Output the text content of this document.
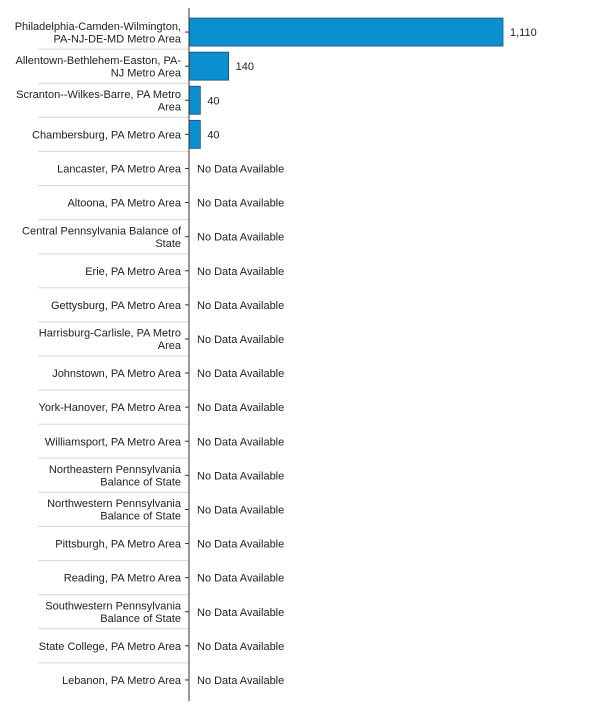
Philadelphia-Camden-Wilmington, PA-NJ-DE-MD Metro Area
1,110
Allentown-Bethlehem-Easton, PA-NJ Metro Area
140
Scranton--Wilkes-Barre, PA Metro Area
40
Chambersburg, PA Metro Area 40
Lancaster, PA Metro Area No Data Available
Altoona, PA Metro Area No Data Available
Central Pennsylvania Balance of State
No Data Available
Erie, PA Metro Area No Data Available
Gettysburg, PA Metro Area No Data Available
Harrisburg-Carlisle, PA Metro Area
No Data Available
Johnstown, PA Metro Area No Data Available
York-Hanover, PA Metro Area No Data Available
Williamsport, PA Metro Area No Data Available
Northeastern Pennsylvania Balance of State
No Data Available
Northwestern Pennsylvania Balance of State
No Data Available
Pittsburgh, PA Metro Area No Data Available
Reading, PA Metro Area No Data Available
Southwestern Pennsylvania Balance of State
No Data Available
State College, PA Metro Area No Data Available
Lebanon, PA Metro Area No Data Available
